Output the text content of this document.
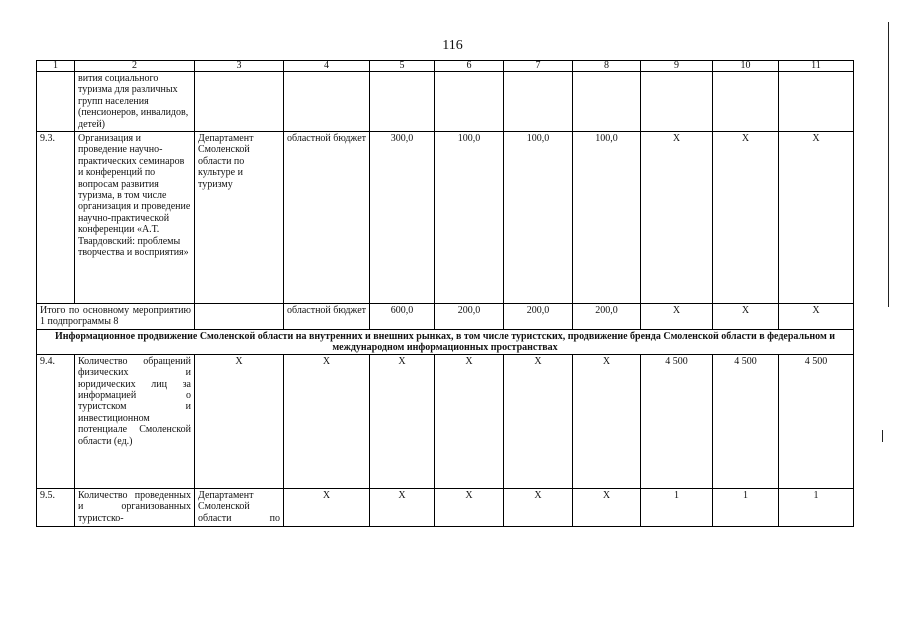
116
1	2	3	4	5	6	7	8	9	10	11
	вития социального туризма для различных групп населения (пенсионеров, инвалидов, детей)									
9.3.	Организация и проведение научно-практических семинаров и конференций по вопросам развития туризма, в том числе организация и проведение научно-практической конференции «А.Т. Твардовский: проблемы творчества и восприятия»	Департамент Смоленской области по культуре и туризму	областной бюджет	300,0	100,0	100,0	100,0	X	X	X
Итого по основному мероприятию 1 подпрограммы 8			областной бюджет	600,0	200,0	200,0	200,0	X	X	X
Информационное продвижение Смоленской области на внутренних и внешних рынках, в том числе туристских, продвижение бренда Смоленской области в федеральном и международном информационных пространствах										
9.4.	Количество обращений физических и юридических лиц за информацией о туристском и инвестиционном потенциале Смоленской области (ед.)	X	X	X	X	X	X	4 500	4 500	4 500
9.5.	Количество проведенных и организованных туристско-	Департамент Смоленской области по	X	X	X	X	X	1	1	1
